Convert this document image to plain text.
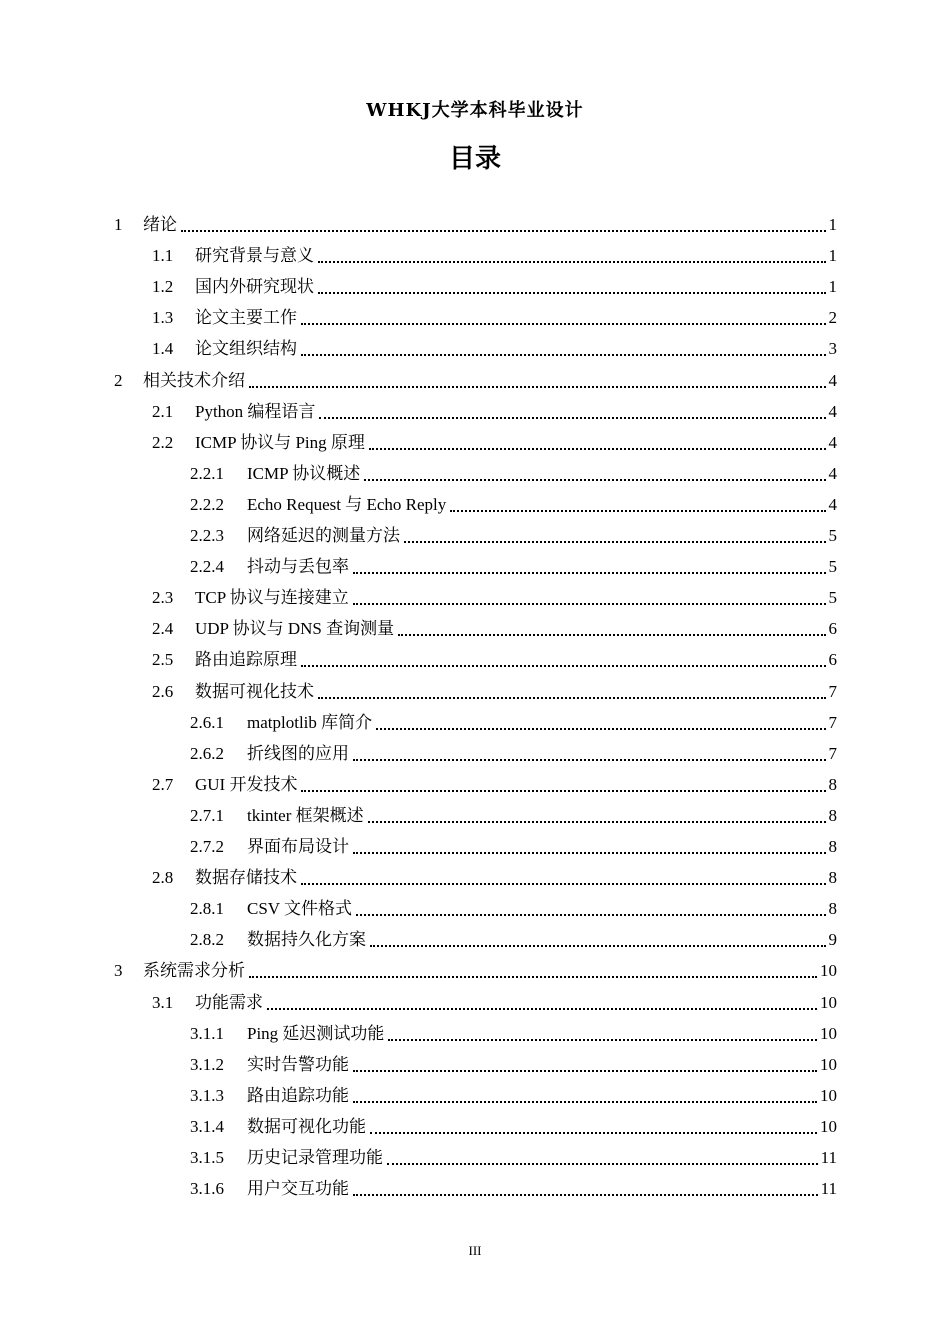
WHKJ大学本科毕业设计
目录
1	绪论	1
1.1	研究背景与意义	1
1.2	国内外研究现状	1
1.3	论文主要工作	2
1.4	论文组织结构	3
2	相关技术介绍	4
2.1	Python 编程语言	4
2.2	ICMP 协议与 Ping 原理	4
2.2.1	ICMP 协议概述	4
2.2.2	Echo Request 与 Echo Reply	4
2.2.3	网络延迟的测量方法	5
2.2.4	抖动与丢包率	5
2.3	TCP 协议与连接建立	5
2.4	UDP 协议与 DNS 查询测量	6
2.5	路由追踪原理	6
2.6	数据可视化技术	7
2.6.1	matplotlib 库简介	7
2.6.2	折线图的应用	7
2.7	GUI 开发技术	8
2.7.1	tkinter 框架概述	8
2.7.2	界面布局设计	8
2.8	数据存储技术	8
2.8.1	CSV 文件格式	8
2.8.2	数据持久化方案	9
3	系统需求分析	10
3.1	功能需求	10
3.1.1	Ping 延迟测试功能	10
3.1.2	实时告警功能	10
3.1.3	路由追踪功能	10
3.1.4	数据可视化功能	10
3.1.5	历史记录管理功能	11
3.1.6	用户交互功能	11
III
